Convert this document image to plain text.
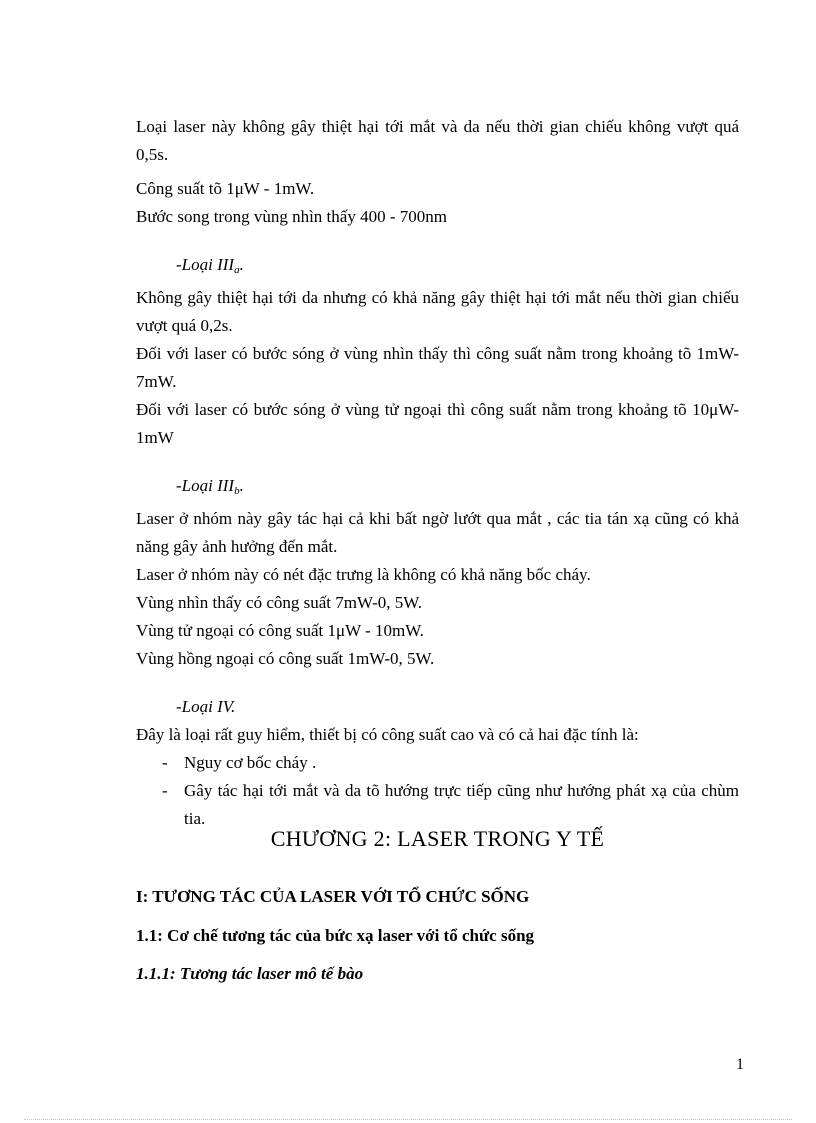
Loại laser này không gây thiệt hại tới mắt và da nếu thời gian chiếu không vượt quá 0,5s.

Công suất tõ 1μW - 1mW.

Bước song trong vùng nhìn thấy 400 - 700nm

-Loại $III_a$.

Không gây thiệt hại tới da nhưng có khả năng gây thiệt hại tới mắt nếu thời gian chiếu vượt quá 0,2s.

Đối với laser có bước sóng ở vùng nhìn thấy thì công suất nằm trong khoảng tõ 1mW- 7mW.

Đối với laser có bước sóng ở vùng tử ngoại thì công suất nằm trong khoảng tõ 10μW- 1mW

-Loại $III_b$.

Laser ở nhóm này gây tác hại cả khi bất ngờ lướt qua mắt , các tia tán xạ cũng có khả năng gây ảnh hưởng đến mắt.

Laser ở nhóm này có nét đặc trưng là không có khả năng bốc cháy.

Vùng nhìn thấy có công suất 7mW-0, 5W.

Vùng tử ngoại có công suất 1μW - 10mW.

Vùng hồng ngoại có công suất 1mW-0, 5W.

-Loại IV.

Đây là loại rất guy hiểm, thiết bị có công suất cao và có cả hai đặc tính là:

- Nguy cơ bốc cháy .
- Gây tác hại tới mắt và da tõ hướng trực tiếp cũng như hướng phát xạ của chùm tia.
CHƯƠNG 2: LASER TRONG Y TẾ
I: TƯƠNG TÁC CỦA LASER VỚI TỔ CHỨC SỐNG
1.1: Cơ chế tương tác của bức xạ laser với tổ chức sống
1.1.1: Tương tác laser mô tế bào
1
